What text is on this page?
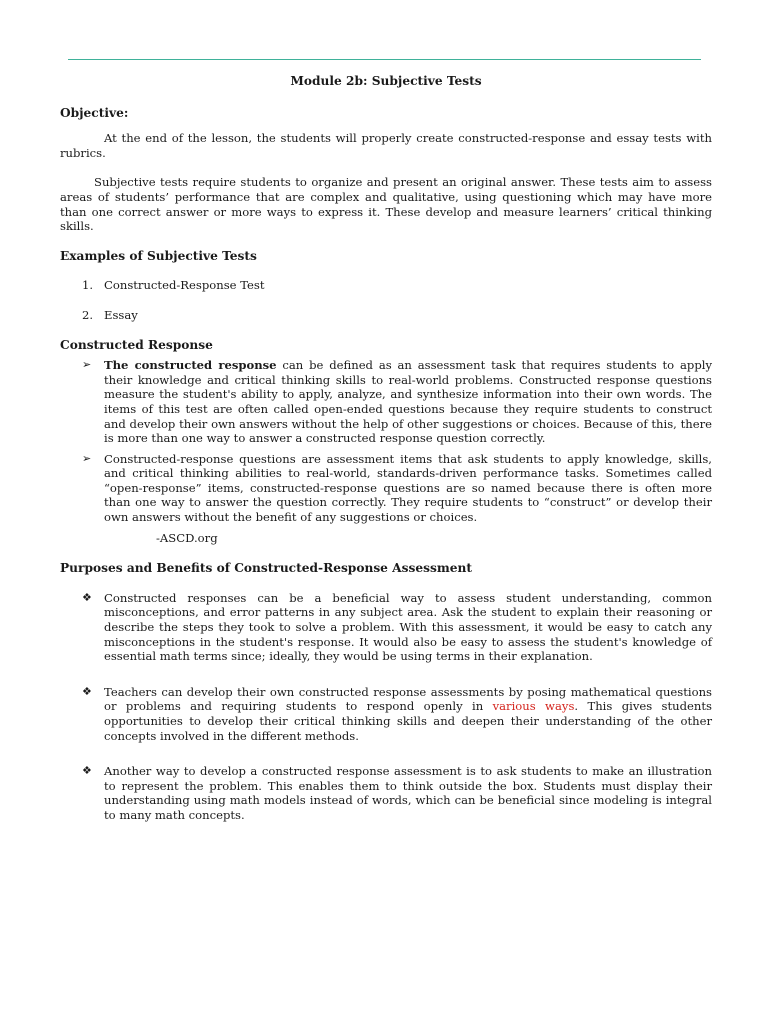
Module 2b: Subjective Tests

Objective:

At the end of the lesson, the students will properly create constructed-response and essay tests with rubrics.

Subjective tests require students to organize and present an original answer. These tests aim to assess areas of students’ performance that are complex and qualitative, using questioning which may have more than one correct answer or more ways to express it. These develop and measure learners’ critical thinking skills.

Examples of Subjective Tests

1. Constructed-Response Test
2. Essay

Constructed Response

➢	The constructed response can be defined as an assessment task that requires students to apply their knowledge and critical thinking skills to real-world problems. Constructed response questions measure the student's ability to apply, analyze, and synthesize information into their own words. The items of this test are often called open-ended questions because they require students to construct and develop their own answers without the help of other suggestions or choices. Because of this, there is more than one way to answer a constructed response question correctly.
➢	Constructed-response questions are assessment items that ask students to apply knowledge, skills, and critical thinking abilities to real-world, standards-driven performance tasks. Sometimes called “open-response” items, constructed-response questions are so named because there is often more than one way to answer the question correctly. They require students to “construct” or develop their own answers without the benefit of any suggestions or choices.

-ASCD.org

Purposes and Benefits of Constructed-Response Assessment

❖	Constructed responses can be a beneficial way to assess student understanding, common misconceptions, and error patterns in any subject area. Ask the student to explain their reasoning or describe the steps they took to solve a problem. With this assessment, it would be easy to catch any misconceptions in the student's response. It would also be easy to assess the student's knowledge of essential math terms since; ideally, they would be using terms in their explanation.
❖	Teachers can develop their own constructed response assessments by posing mathematical questions or problems and requiring students to respond openly in various ways. This gives students opportunities to develop their critical thinking skills and deepen their understanding of the other concepts involved in the different methods.
❖	Another way to develop a constructed response assessment is to ask students to make an illustration to represent the problem. This enables them to think outside the box. Students must display their understanding using math models instead of words, which can be beneficial since modeling is integral to many math concepts.
